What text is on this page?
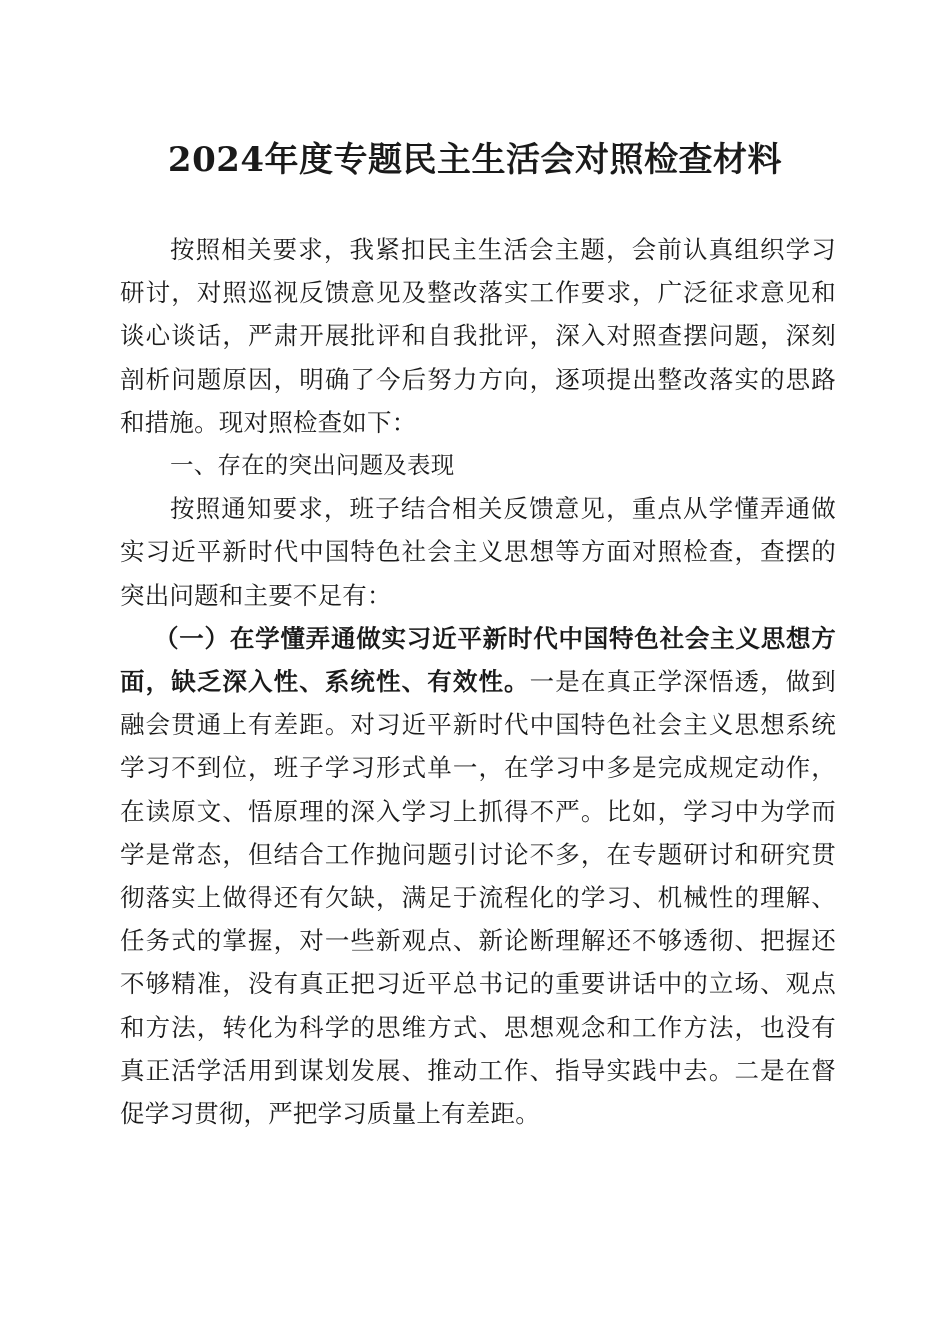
2024年度专题民主生活会对照检查材料

按照相关要求，我紧扣民主生活会主题，会前认真组织学习研讨，对照巡视反馈意见及整改落实工作要求，广泛征求意见和谈心谈话，严肃开展批评和自我批评，深入对照查摆问题，深刻剖析问题原因，明确了今后努力方向，逐项提出整改落实的思路和措施。现对照检查如下：

一、存在的突出问题及表现

按照通知要求，班子结合相关反馈意见，重点从学懂弄通做实习近平新时代中国特色社会主义思想等方面对照检查，查摆的突出问题和主要不足有：

（一）在学懂弄通做实习近平新时代中国特色社会主义思想方面，缺乏深入性、系统性、有效性。一是在真正学深悟透，做到融会贯通上有差距。对习近平新时代中国特色社会主义思想系统学习不到位，班子学习形式单一，在学习中多是完成规定动作，在读原文、悟原理的深入学习上抓得不严。比如，学习中为学而学是常态，但结合工作抛问题引讨论不多，在专题研讨和研究贯彻落实上做得还有欠缺，满足于流程化的学习、机械性的理解、任务式的掌握，对一些新观点、新论断理解还不够透彻、把握还不够精准，没有真正把习近平总书记的重要讲话中的立场、观点和方法，转化为科学的思维方式、思想观念和工作方法，也没有真正活学活用到谋划发展、推动工作、指导实践中去。二是在督促学习贯彻，严把学习质量上有差距。
